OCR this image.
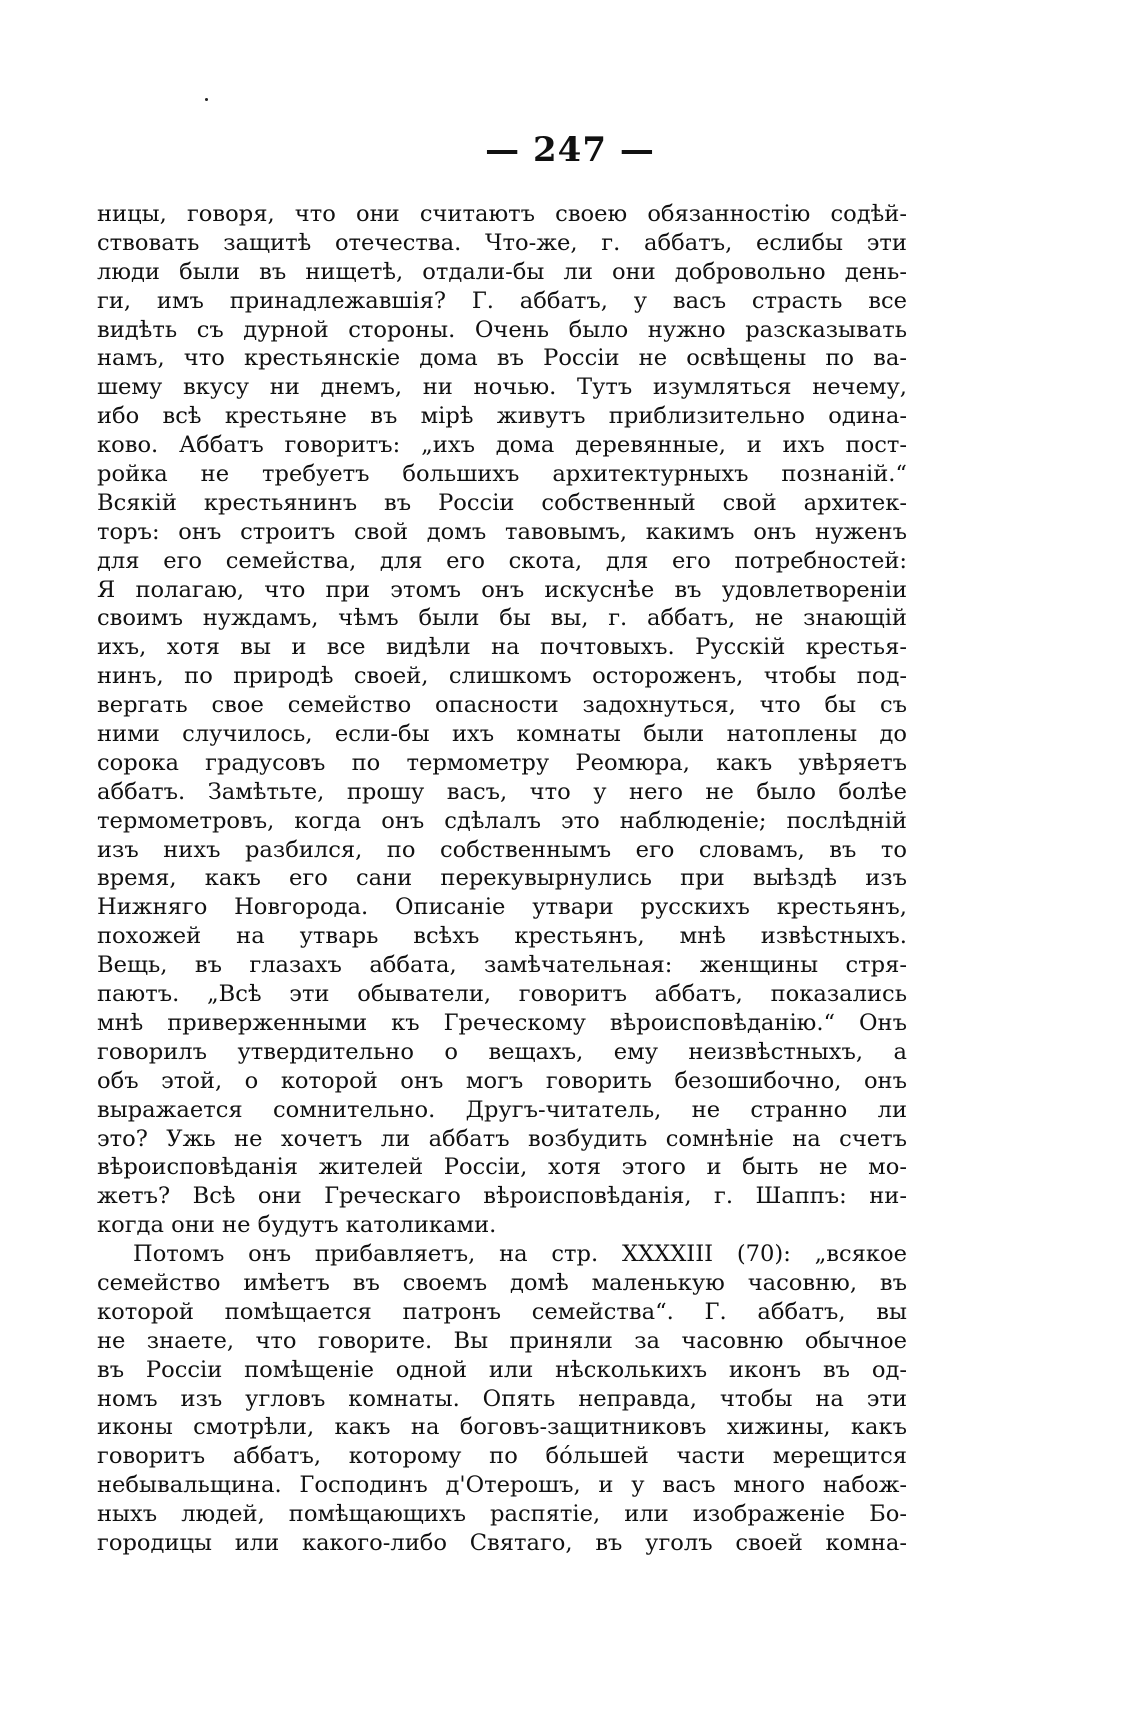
— 247 —
ницы, говоря, что они считаютъ своею обязанностію содѣй-
ствовать защитѣ отечества. Что-же, г. аббатъ, еслибы эти
люди были въ нищетѣ, отдали-бы ли они добровольно день-
ги, имъ принадлежавшія? Г. аббатъ, у васъ страсть все
видѣть съ дурной стороны. Очень было нужно разсказывать
намъ, что крестьянскіе дома въ Россіи не освѣщены по ва-
шему вкусу ни днемъ, ни ночью. Тутъ изумляться нечему,
ибо всѣ крестьяне въ мірѣ живутъ приблизительно одина-
ково. Аббатъ говоритъ: „ихъ дома деревянные, и ихъ пост-
ройка не требуетъ большихъ архитектурныхъ познаній.“
Всякій крестьянинъ въ Россіи собственный свой архитек-
торъ: онъ строитъ свой домъ тавовымъ, какимъ онъ нуженъ
для его семейства, для его скота, для его потребностей:
Я полагаю, что при этомъ онъ искуснѣе въ удовлетвореніи
своимъ нуждамъ, чѣмъ были бы вы, г. аббатъ, не знающій
ихъ, хотя вы и все видѣли на почтовыхъ. Русскій крестья-
нинъ, по природѣ своей, слишкомъ остороженъ, чтобы под-
вергать свое семейство опасности задохнуться, что бы съ
ними случилось, если-бы ихъ комнаты были натоплены до
сорока градусовъ по термометру Реомюра, какъ увѣряетъ
аббатъ. Замѣтьте, прошу васъ, что у него не было болѣе
термометровъ, когда онъ сдѣлалъ это наблюденіе; послѣдній
изъ нихъ разбился, по собственнымъ его словамъ, въ то
время, какъ его сани перекувырнулись при выѣздѣ изъ
Нижняго Новгорода. Описаніе утвари русскихъ крестьянъ,
похожей на утварь всѣхъ крестьянъ, мнѣ извѣстныхъ.
Вещь, въ глазахъ аббата, замѣчательная: женщины стря-
паютъ. „Всѣ эти обыватели, говоритъ аббатъ, показались
мнѣ приверженными къ Греческому вѣроисповѣданію.“ Онъ
говорилъ утвердительно о вещахъ, ему неизвѣстныхъ, а
объ этой, о которой онъ могъ говорить безошибочно, онъ
выражается сомнительно. Другъ-читатель, не странно ли
это? Ужь не хочетъ ли аббатъ возбудить сомнѣніе на счетъ
вѣроисповѣданія жителей Россіи, хотя этого и быть не мо-
жетъ? Всѣ они Греческаго вѣроисповѣданія, г. Шаппъ: ни-
когда они не будутъ католиками.
Потомъ онъ прибавляетъ, на стр. XXXXIII (70): „всякое
семейство имѣетъ въ своемъ домѣ маленькую часовню, въ
которой помѣщается патронъ семейства“. Г. аббатъ, вы
не знаете, что говорите. Вы приняли за часовню обычное
въ Россіи помѣщеніе одной или нѣсколькихъ иконъ въ од-
номъ изъ угловъ комнаты. Опять неправда, чтобы на эти
иконы смотрѣли, какъ на боговъ-защитниковъ хижины, какъ
говоритъ аббатъ, которому по бóльшей части мерещится
небывальщина. Господинъ д'Отерошъ, и у васъ много набож-
ныхъ людей, помѣщающихъ распятіе, или изображеніе Бо-
городицы или какого-либо Святаго, въ уголъ своей комна-
